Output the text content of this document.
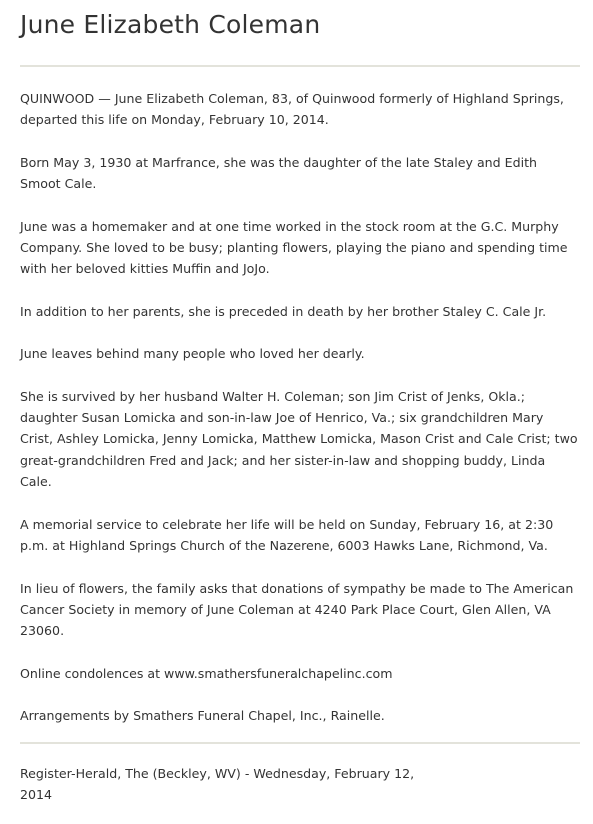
June Elizabeth Coleman

QUINWOOD — June Elizabeth Coleman, 83, of Quinwood formerly of Highland Springs, departed this life on Monday, February 10, 2014.

Born May 3, 1930 at Marfrance, she was the daughter of the late Staley and Edith Smoot Cale.

June was a homemaker and at one time worked in the stock room at the G.C. Murphy Company. She loved to be busy; planting flowers, playing the piano and spending time with her beloved kitties Muffin and JoJo.

In addition to her parents, she is preceded in death by her brother Staley C. Cale Jr.

June leaves behind many people who loved her dearly.

She is survived by her husband Walter H. Coleman; son Jim Crist of Jenks, Okla.; daughter Susan Lomicka and son-in-law Joe of Henrico, Va.; six grandchildren Mary Crist, Ashley Lomicka, Jenny Lomicka, Matthew Lomicka, Mason Crist and Cale Crist; two great-grandchildren Fred and Jack; and her sister-in-law and shopping buddy, Linda Cale.

A memorial service to celebrate her life will be held on Sunday, February 16, at 2:30 p.m. at Highland Springs Church of the Nazerene, 6003 Hawks Lane, Richmond, Va.

In lieu of flowers, the family asks that donations of sympathy be made to The American Cancer Society in memory of June Coleman at 4240 Park Place Court, Glen Allen, VA 23060.

Online condolences at www.smathersfuneralchapelinc.com

Arrangements by Smathers Funeral Chapel, Inc., Rainelle.

Register-Herald, The (Beckley, WV) - Wednesday, February 12, 2014
